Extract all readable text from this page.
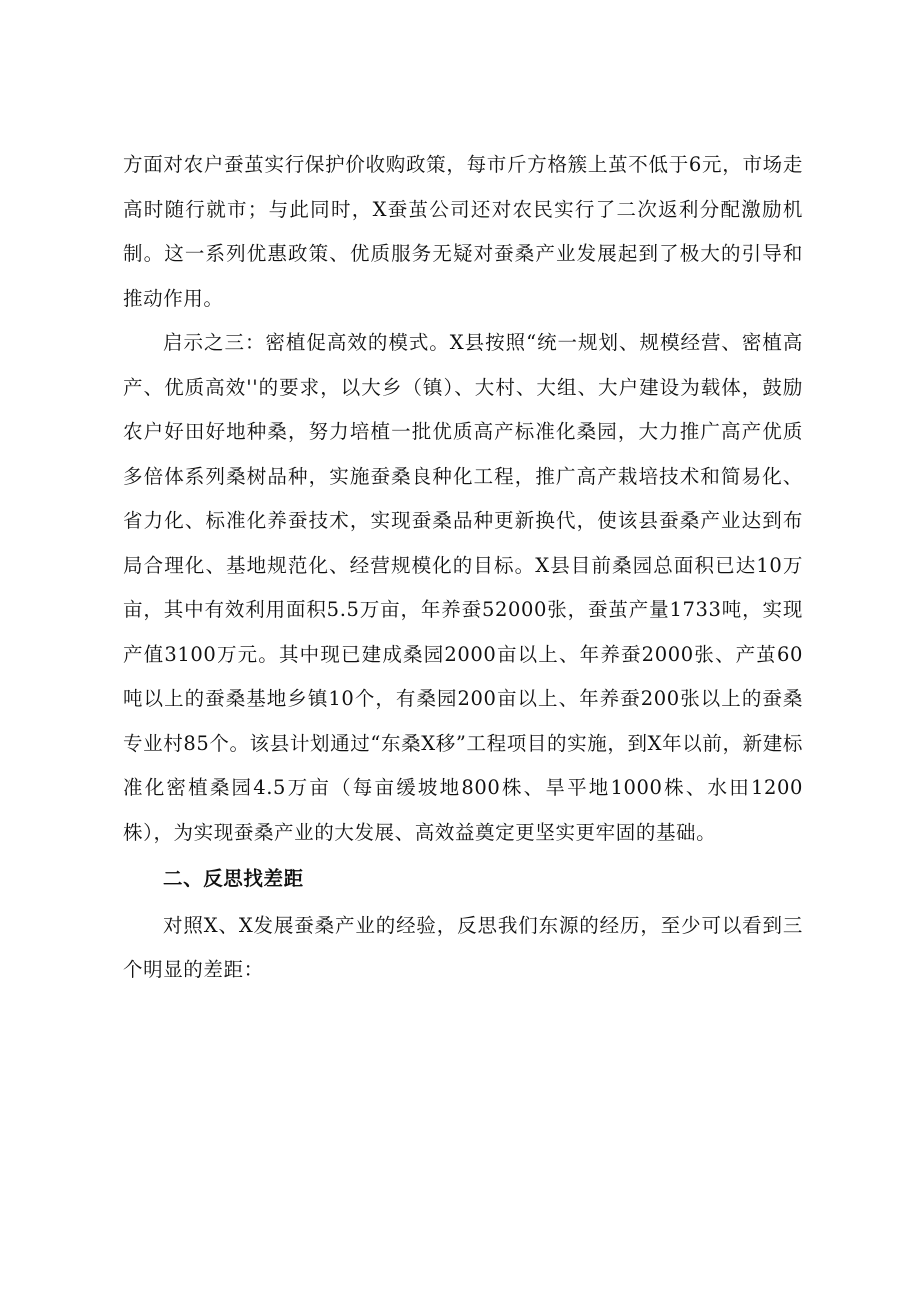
方面对农户蚕茧实行保护价收购政策，每市斤方格簇上茧不低于6元，市场走高时随行就市；与此同时，X蚕茧公司还对农民实行了二次返利分配激励机制。这一系列优惠政策、优质服务无疑对蚕桑产业发展起到了极大的引导和推动作用。

启示之三：密植促高效的模式。X县按照“统一规划、规模经营、密植高产、优质高效''的要求，以大乡（镇）、大村、大组、大户建设为载体，鼓励农户好田好地种桑，努力培植一批优质高产标准化桑园，大力推广高产优质多倍体系列桑树品种，实施蚕桑良种化工程，推广高产栽培技术和简易化、省力化、标准化养蚕技术，实现蚕桑品种更新换代，使该县蚕桑产业达到布局合理化、基地规范化、经营规模化的目标。X县目前桑园总面积已达10万亩，其中有效利用面积5.5万亩，年养蚕52000张，蚕茧产量1733吨，实现产值3100万元。其中现已建成桑园2000亩以上、年养蚕2000张、产茧60吨以上的蚕桑基地乡镇10个，有桑园200亩以上、年养蚕200张以上的蚕桑专业村85个。该县计划通过“东桑X移”工程项目的实施，到X年以前，新建标准化密植桑园4.5万亩（每亩缓坡地800株、旱平地1000株、水田1200株），为实现蚕桑产业的大发展、高效益奠定更坚实更牢固的基础。

二、反思找差距

对照X、X发展蚕桑产业的经验，反思我们东源的经历，至少可以看到三个明显的差距：
